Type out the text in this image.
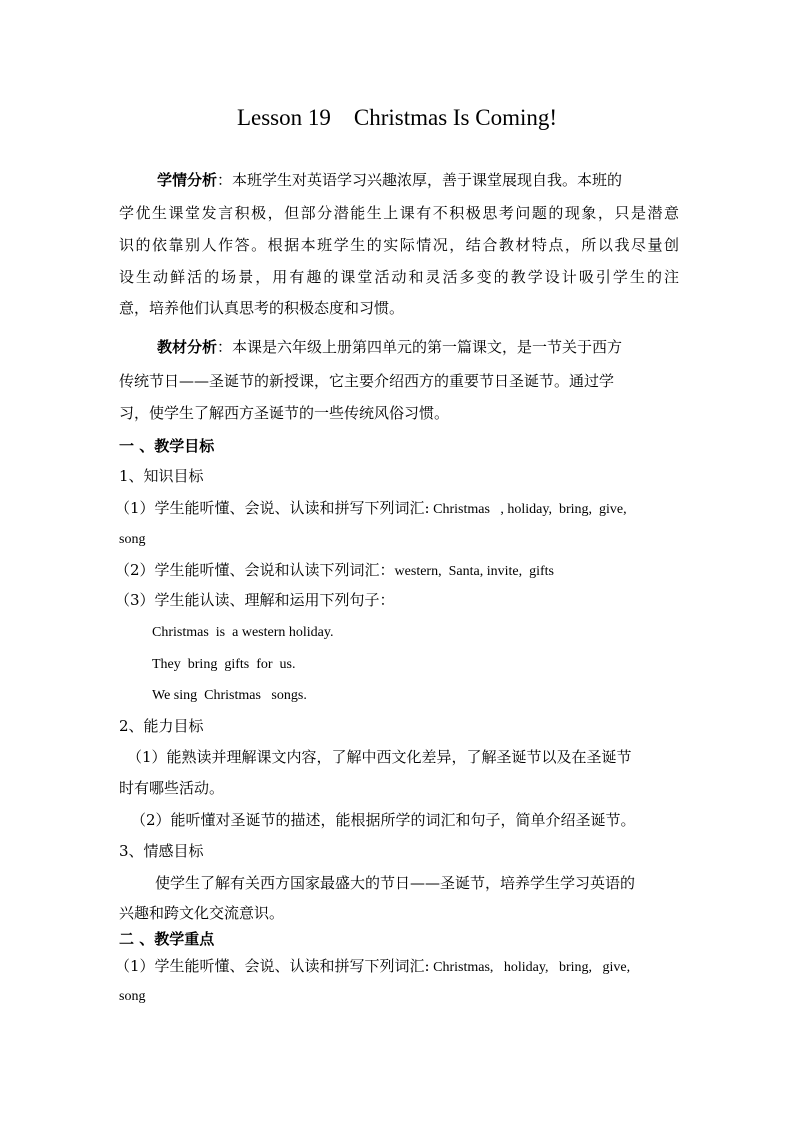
Lesson 19    Christmas Is Coming!
学情分析：本班学生对英语学习兴趣浓厚，善于课堂展现自我。本班的
学优生课堂发言积极，但部分潜能生上课有不积极思考问题的现象，只是潜意
识的依靠别人作答。根据本班学生的实际情况，结合教材特点，所以我尽量创
设生动鲜活的场景，用有趣的课堂活动和灵活多变的教学设计吸引学生的注
意，培养他们认真思考的积极态度和习惯。
教材分析：本课是六年级上册第四单元的第一篇课文，是一节关于西方
传统节日——圣诞节的新授课，它主要介绍西方的重要节日圣诞节。通过学
习，使学生了解西方圣诞节的一些传统风俗习惯。
一 、教学目标
1、知识目标
（1）学生能听懂、会说、认读和拼写下列词汇: Christmas   , holiday,  bring,  give,
song
（2）学生能听懂、会说和认读下列词汇：western,  Santa, invite,  gifts
（3）学生能认读、理解和运用下列句子：
Christmas  is  a western holiday.
They  bring  gifts  for  us.
We sing  Christmas   songs.
2、能力目标
（1）能熟读并理解课文内容，了解中西文化差异，了解圣诞节以及在圣诞节
时有哪些活动。
（2）能听懂对圣诞节的描述，能根据所学的词汇和句子，简单介绍圣诞节。
3、情感目标
使学生了解有关西方国家最盛大的节日——圣诞节，培养学生学习英语的
兴趣和跨文化交流意识。
二 、教学重点
（1）学生能听懂、会说、认读和拼写下列词汇: Christmas,   holiday,   bring,   give,
song
